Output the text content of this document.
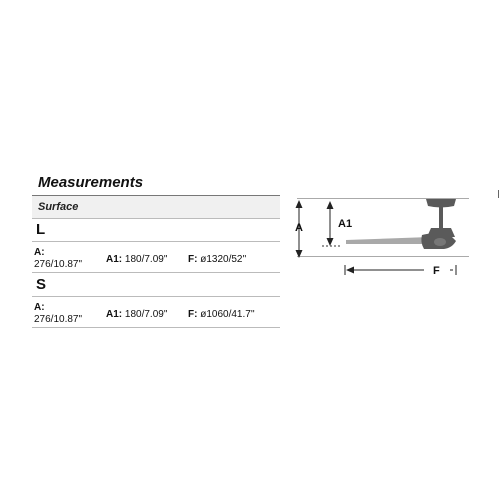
Measurements
Surface
L
A:
276/10.87" A1: 180/7.09" F: ø1320/52''
S
A:
276/10.87" A1: 180/7.09" F: ø1060/41.7''
A	A1
F
